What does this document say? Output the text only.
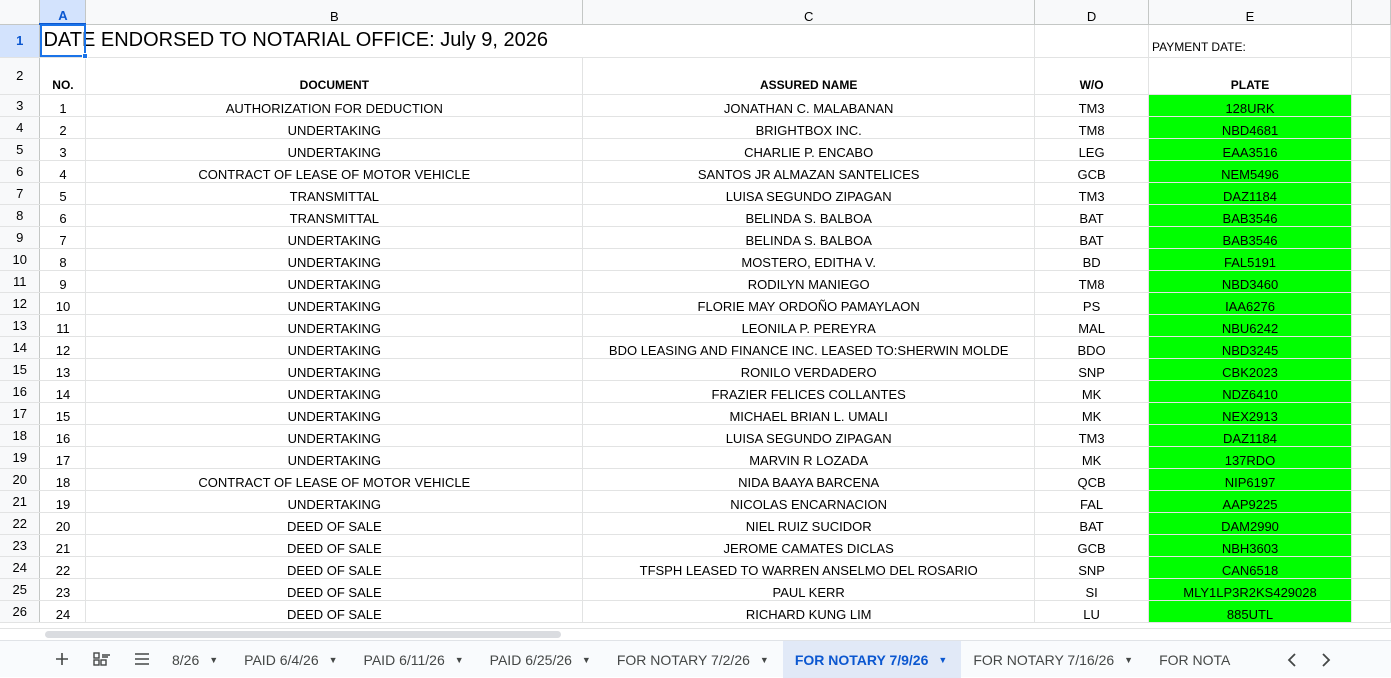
	A	B	C	D	E	
1	DATE ENDORSED TO NOTARIAL OFFICE: July 9, 2026				PAYMENT DATE:	
2	NO.	DOCUMENT	ASSURED NAME	W/O	PLATE	
3	1	AUTHORIZATION FOR DEDUCTION	JONATHAN C. MALABANAN	TM3	128URK	
4	2	UNDERTAKING	BRIGHTBOX INC.	TM8	NBD4681	
5	3	UNDERTAKING	CHARLIE P. ENCABO	LEG	EAA3516	
6	4	CONTRACT OF LEASE OF MOTOR VEHICLE	SANTOS JR ALMAZAN SANTELICES	GCB	NEM5496	
7	5	TRANSMITTAL	LUISA SEGUNDO ZIPAGAN	TM3	DAZ1184	
8	6	TRANSMITTAL	BELINDA S. BALBOA	BAT	BAB3546	
9	7	UNDERTAKING	BELINDA S. BALBOA	BAT	BAB3546	
10	8	UNDERTAKING	MOSTERO, EDITHA V.	BD	FAL5191	
11	9	UNDERTAKING	RODILYN MANIEGO	TM8	NBD3460	
12	10	UNDERTAKING	FLORIE MAY ORDOÑO PAMAYLAON	PS	IAA6276	
13	11	UNDERTAKING	LEONILA P. PEREYRA	MAL	NBU6242	
14	12	UNDERTAKING	BDO LEASING AND FINANCE INC. LEASED TO:SHERWIN MOLDE	BDO	NBD3245	
15	13	UNDERTAKING	RONILO VERDADERO	SNP	CBK2023	
16	14	UNDERTAKING	FRAZIER FELICES COLLANTES	MK	NDZ6410	
17	15	UNDERTAKING	MICHAEL BRIAN L. UMALI	MK	NEX2913	
18	16	UNDERTAKING	LUISA SEGUNDO ZIPAGAN	TM3	DAZ1184	
19	17	UNDERTAKING	MARVIN R LOZADA	MK	137RDO	
20	18	CONTRACT OF LEASE OF MOTOR VEHICLE	NIDA BAAYA BARCENA	QCB	NIP6197	
21	19	UNDERTAKING	NICOLAS ENCARNACION	FAL	AAP9225	
22	20	DEED OF SALE	NIEL RUIZ SUCIDOR	BAT	DAM2990	
23	21	DEED OF SALE	JEROME CAMATES DICLAS	GCB	NBH3603	
24	22	DEED OF SALE	TFSPH LEASED TO WARREN ANSELMO DEL ROSARIO	SNP	CAN6518	
25	23	DEED OF SALE	PAUL KERR	SI	MLY1LP3R2KS429028	
26	24	DEED OF SALE	RICHARD KUNG LIM	LU	885UTL	
8/26 ▼ PAID 6/4/26 ▼ PAID 6/11/26 ▼ PAID 6/25/26 ▼ FOR NOTARY 7/2/26 ▼ FOR NOTARY 7/9/26 ▼ FOR NOTARY 7/16/26 ▼ FOR NOTA
